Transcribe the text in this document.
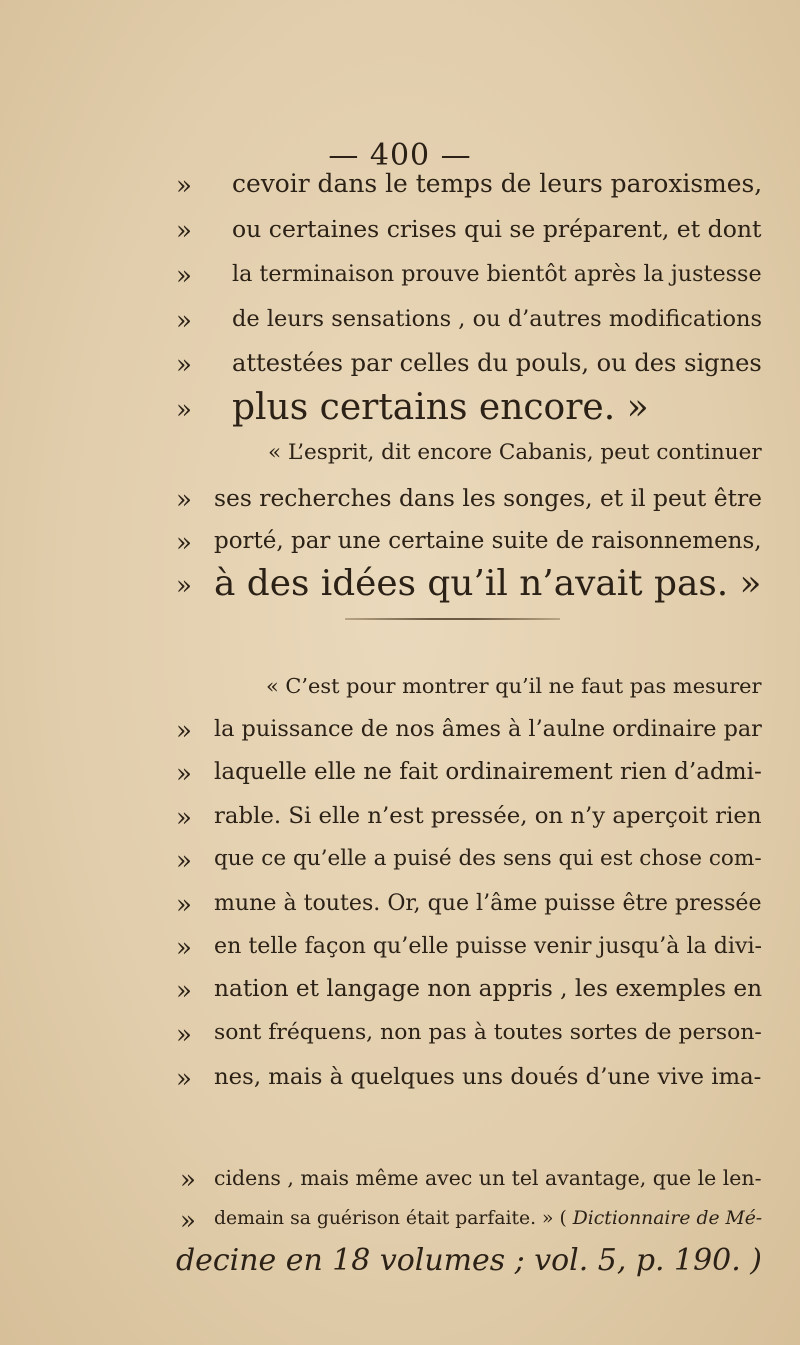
— 400 —
» cevoir dans le temps de leurs paroxismes,
» ou certaines crises qui se préparent, et dont
» la terminaison prouve bientôt après la justesse
» de leurs sensations , ou d’autres modifications
» attestées par celles du pouls, ou des signes
» plus certains encore. »
« L’esprit, dit encore Cabanis, peut continuer
» ses recherches dans les songes, et il peut être
» porté, par une certaine suite de raisonnemens,
» à des idées qu’il n’avait pas. »
« C’est pour montrer qu’il ne faut pas mesurer
» la puissance de nos âmes à l’aulne ordinaire par
» laquelle elle ne fait ordinairement rien d’admi-
» rable. Si elle n’est pressée, on n’y aperçoit rien
» que ce qu’elle a puisé des sens qui est chose com-
» mune à toutes. Or, que l’âme puisse être pressée
» en telle façon qu’elle puisse venir jusqu’à la divi-
» nation et langage non appris , les exemples en
» sont fréquens, non pas à toutes sortes de person-
» nes, mais à quelques uns doués d’une vive ima-
» cidens , mais même avec un tel avantage, que le len-
» demain sa guérison était parfaite. » ( Dictionnaire de Mé-
decine en 18 volumes ; vol. 5, p. 190. )
